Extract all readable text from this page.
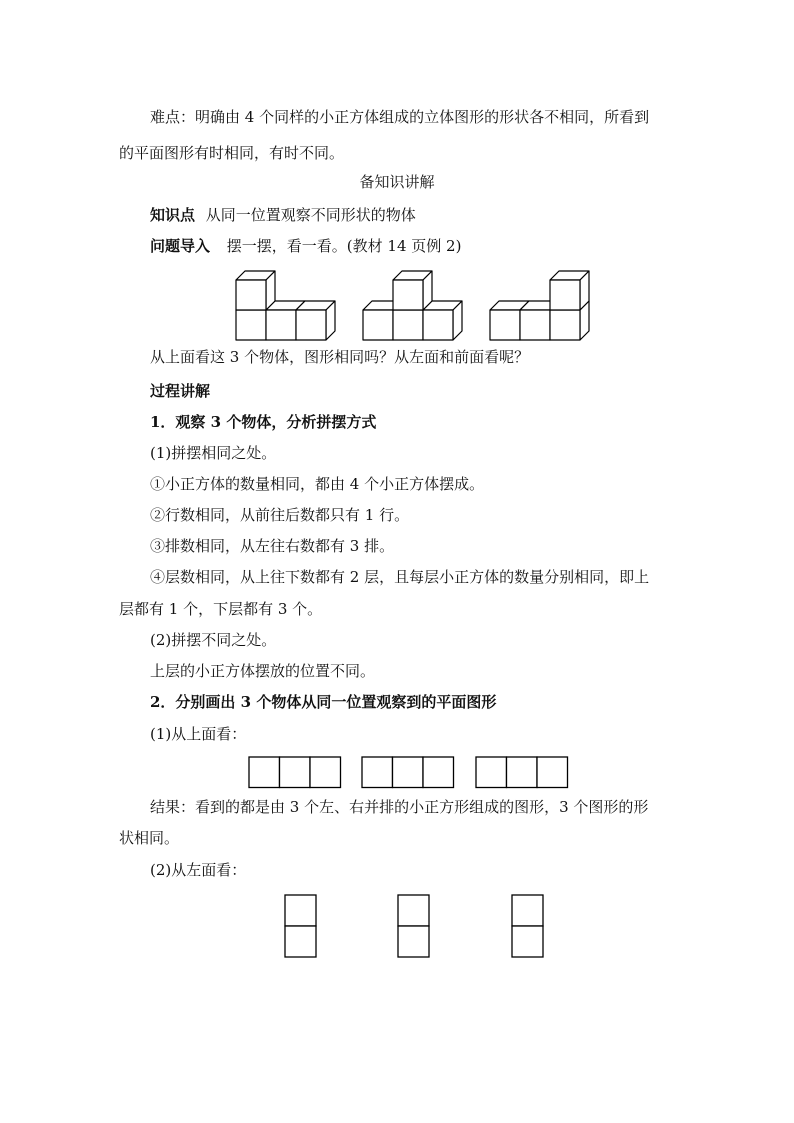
难点：明确由 4 个同样的小正方体组成的立体图形的形状各不相同，所看到
的平面图形有时相同，有时不同。
备知识讲解
知识点 从同一位置观察不同形状的物体
问题导入 摆一摆，看一看。(教材 14 页例 2)
从上面看这 3 个物体，图形相同吗？从左面和前面看呢？
过程讲解
1．观察 3 个物体，分析拼摆方式
(1)拼摆相同之处。
①小正方体的数量相同，都由 4 个小正方体摆成。
②行数相同，从前往后数都只有 1 行。
③排数相同，从左往右数都有 3 排。
④层数相同，从上往下数都有 2 层，且每层小正方体的数量分别相同，即上
层都有 1 个，下层都有 3 个。
(2)拼摆不同之处。
上层的小正方体摆放的位置不同。
2．分别画出 3 个物体从同一位置观察到的平面图形
(1)从上面看：
结果：看到的都是由 3 个左、右并排的小正方形组成的图形，3 个图形的形
状相同。
(2)从左面看：
